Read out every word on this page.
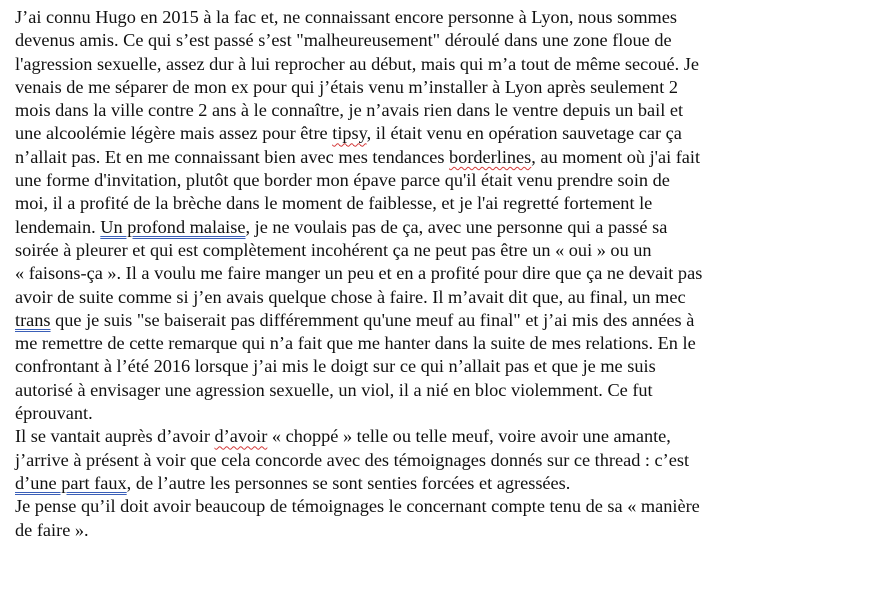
J’ai connu Hugo en 2015 à la fac et, ne connaissant encore personne à Lyon, nous sommes
devenus amis. Ce qui s’est passé s’est "malheureusement" déroulé dans une zone floue de
l'agression sexuelle, assez dur à lui reprocher au début, mais qui m’a tout de même secoué. Je
venais de me séparer de mon ex pour qui j’étais venu m’installer à Lyon après seulement 2
mois dans la ville contre 2 ans à le connaître, je n’avais rien dans le ventre depuis un bail et
une alcoolémie légère mais assez pour être tipsy, il était venu en opération sauvetage car ça
n’allait pas. Et en me connaissant bien avec mes tendances borderlines, au moment où j'ai fait
une forme d'invitation, plutôt que border mon épave parce qu'il était venu prendre soin de
moi, il a profité de la brèche dans le moment de faiblesse, et je l'ai regretté fortement le
lendemain. Un profond malaise, je ne voulais pas de ça, avec une personne qui a passé sa
soirée à pleurer et qui est complètement incohérent ça ne peut pas être un « oui » ou un
« faisons-ça ». Il a voulu me faire manger un peu et en a profité pour dire que ça ne devait pas
avoir de suite comme si j’en avais quelque chose à faire. Il m’avait dit que, au final, un mec
trans que je suis "se baiserait pas différemment qu'une meuf au final" et j’ai mis des années à
me remettre de cette remarque qui n’a fait que me hanter dans la suite de mes relations. En le
confrontant à l’été 2016 lorsque j’ai mis le doigt sur ce qui n’allait pas et que je me suis
autorisé à envisager une agression sexuelle, un viol, il a nié en bloc violemment. Ce fut
éprouvant.
Il se vantait auprès d’avoir d’avoir « choppé » telle ou telle meuf, voire avoir une amante,
j’arrive à présent à voir que cela concorde avec des témoignages donnés sur ce thread : c’est
d’une part faux, de l’autre les personnes se sont senties forcées et agressées.
Je pense qu’il doit avoir beaucoup de témoignages le concernant compte tenu de sa « manière
de faire ».
